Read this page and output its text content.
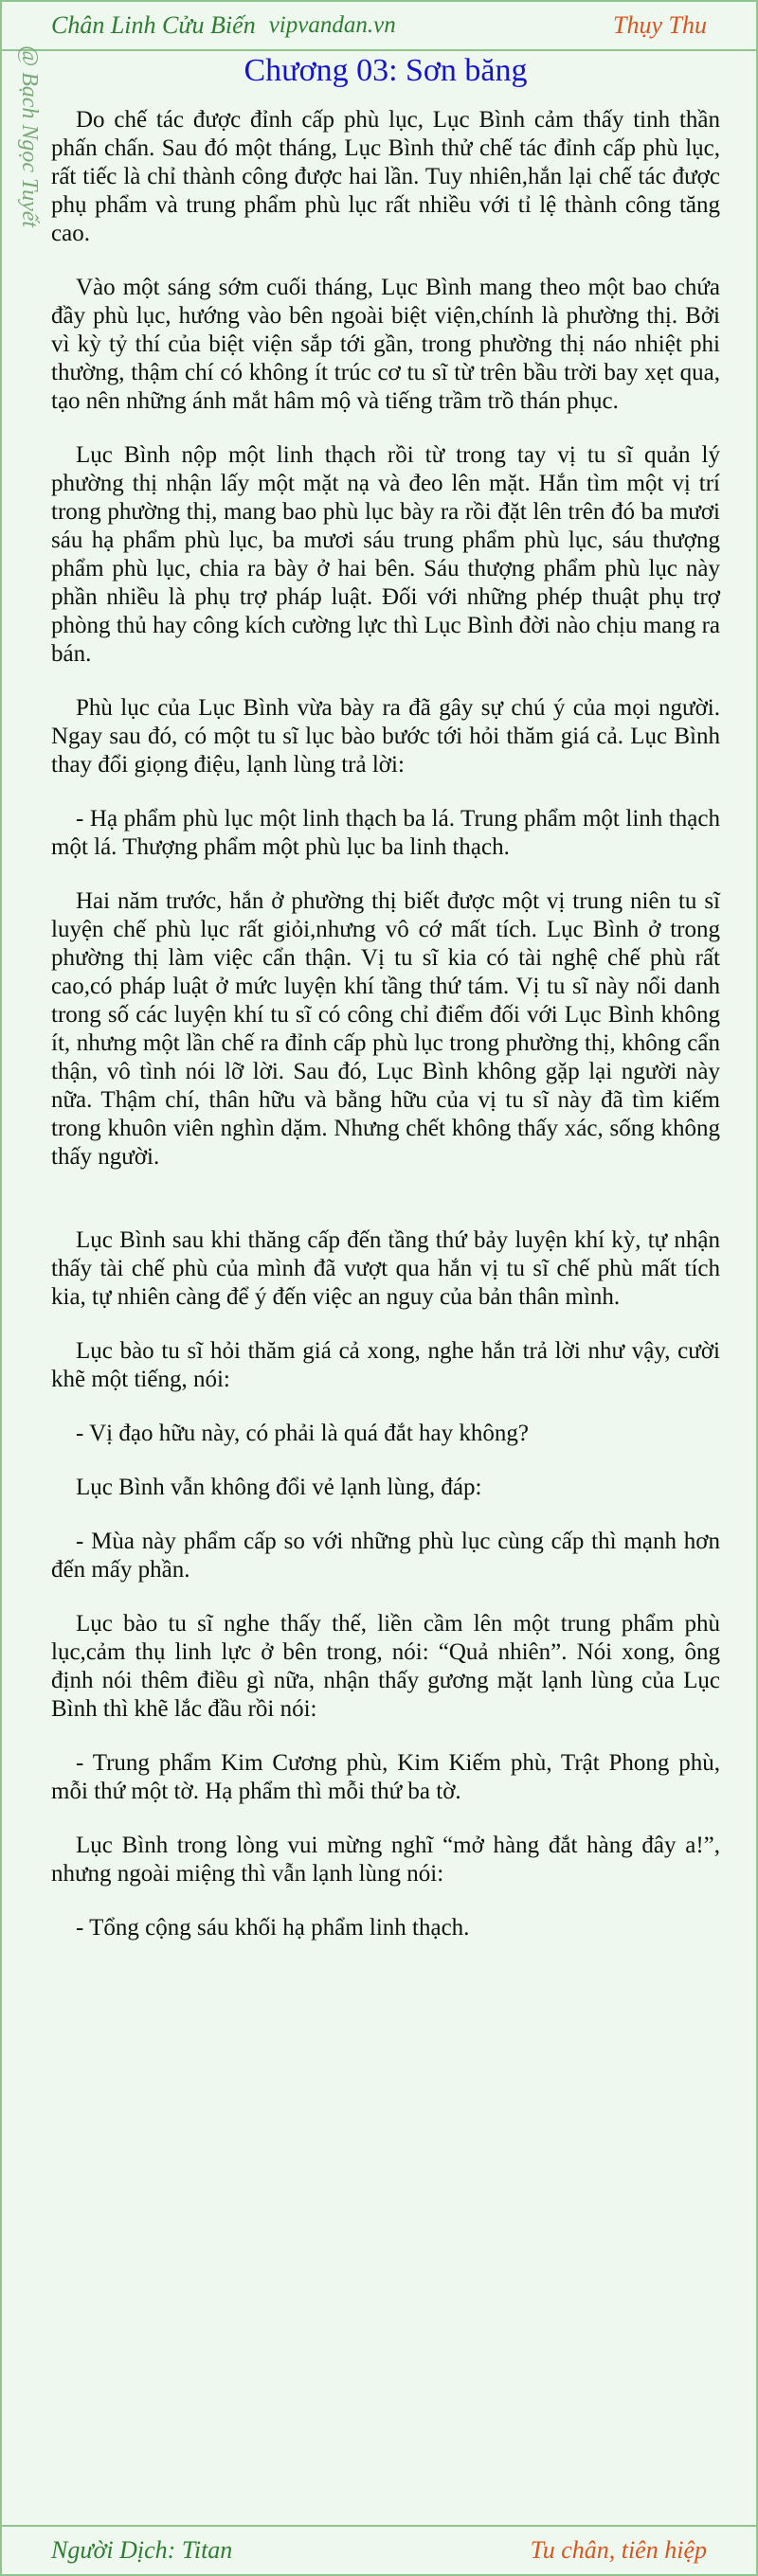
Chân Linh Cửu Biến vipvandan.vn	Thụy Thu
@ Bạch Ngọc Tuyết	Chương 03: Sơn băng

Do chế tác được đỉnh cấp phù lục, Lục Bình cảm thấy tinh thần phấn chấn. Sau đó một tháng, Lục Bình thử chế tác đỉnh cấp phù lục, rất tiếc là chỉ thành công được hai lần. Tuy nhiên,hắn lại chế tác được phụ phẩm và trung phẩm phù lục rất nhiều với tỉ lệ thành công tăng cao.

Vào một sáng sớm cuối tháng, Lục Bình mang theo một bao chứa đầy phù lục, hướng vào bên ngoài biệt viện,chính là phường thị. Bởi vì kỳ tỷ thí của biệt viện sắp tới gần, trong phường thị náo nhiệt phi thường, thậm chí có không ít trúc cơ tu sĩ từ trên bầu trời bay xẹt qua, tạo nên những ánh mắt hâm mộ và tiếng trầm trồ thán phục.

Lục Bình nộp một linh thạch rồi từ trong tay vị tu sĩ quản lý phường thị nhận lấy một mặt nạ và đeo lên mặt. Hắn tìm một vị trí trong phường thị, mang bao phù lục bày ra rồi đặt lên trên đó ba mươi sáu hạ phẩm phù lục, ba mươi sáu trung phẩm phù lục, sáu thượng phẩm phù lục, chia ra bày ở hai bên. Sáu thượng phẩm phù lục này phần nhiều là phụ trợ pháp luật. Đối với những phép thuật phụ trợ phòng thủ hay công kích cường lực thì Lục Bình đời nào chịu mang ra bán.

Phù lục của Lục Bình vừa bày ra đã gây sự chú ý của mọi người. Ngay sau đó, có một tu sĩ lục bào bước tới hỏi thăm giá cả. Lục Bình thay đổi giọng điệu, lạnh lùng trả lời:

- Hạ phẩm phù lục một linh thạch ba lá. Trung phẩm một linh thạch một lá. Thượng phẩm một phù lục ba linh thạch.

Hai năm trước, hắn ở phường thị biết được một vị trung niên tu sĩ luyện chế phù lục rất giỏi,nhưng vô cớ mất tích. Lục Bình ở trong phường thị làm việc cẩn thận. Vị tu sĩ kia có tài nghệ chế phù rất cao,có pháp luật ở mức luyện khí tầng thứ tám. Vị tu sĩ này nổi danh trong số các luyện khí tu sĩ có công chỉ điểm đối với Lục Bình không ít, nhưng một lần chế ra đỉnh cấp phù lục trong phường thị, không cẩn thận, vô tình nói lỡ lời. Sau đó, Lục Bình không gặp lại người này nữa. Thậm chí, thân hữu và bằng hữu của vị tu sĩ này đã tìm kiếm trong khuôn viên nghìn dặm. Nhưng chết không thấy xác, sống không thấy người.

Lục Bình sau khi thăng cấp đến tầng thứ bảy luyện khí kỳ, tự nhận thấy tài chế phù của mình đã vượt qua hắn vị tu sĩ chế phù mất tích kia, tự nhiên càng để ý đến việc an nguy của bản thân mình.

Lục bào tu sĩ hỏi thăm giá cả xong, nghe hắn trả lời như vậy, cười khẽ một tiếng, nói:

- Vị đạo hữu này, có phải là quá đắt hay không?

Lục Bình vẫn không đổi vẻ lạnh lùng, đáp:

- Mùa này phẩm cấp so với những phù lục cùng cấp thì mạnh hơn đến mấy phần.

Lục bào tu sĩ nghe thấy thế, liền cầm lên một trung phẩm phù lục,cảm thụ linh lực ở bên trong, nói: “Quả nhiên”. Nói xong, ông định nói thêm điều gì nữa, nhận thấy gương mặt lạnh lùng của Lục Bình thì khẽ lắc đầu rồi nói:

- Trung phẩm Kim Cương phù, Kim Kiếm phù, Trật Phong phù, mỗi thứ một tờ. Hạ phẩm thì mỗi thứ ba tờ.

Lục Bình trong lòng vui mừng nghĩ “mở hàng đắt hàng đây a!”, nhưng ngoài miệng thì vẫn lạnh lùng nói:

- Tổng cộng sáu khối hạ phẩm linh thạch.

Người Dịch: Titan	Tu chân, tiên hiệp
